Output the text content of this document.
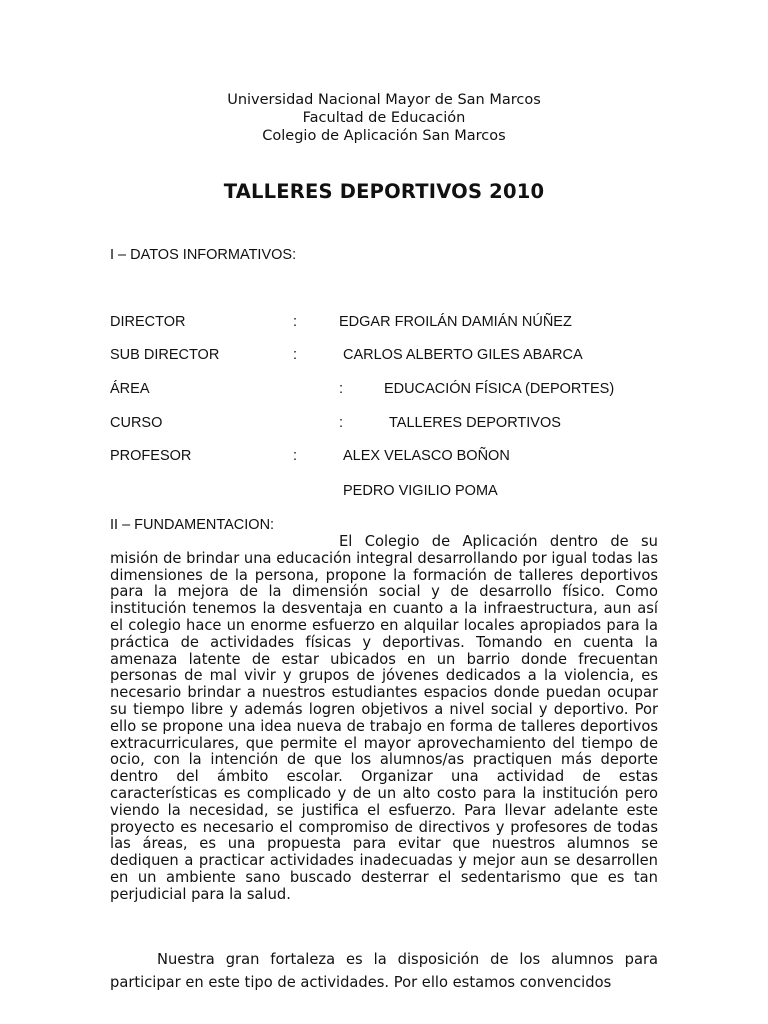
Universidad Nacional Mayor de San Marcos
Facultad de Educación
Colegio de Aplicación San Marcos
TALLERES DEPORTIVOS 2010
I – DATOS INFORMATIVOS:
DIRECTOR	:	EDGAR FROILÁN DAMIÁN NÚÑEZ
SUB DIRECTOR	:	CARLOS ALBERTO GILES ABARCA
ÁREA	:	EDUCACIÓN FÍSICA (DEPORTES)
CURSO	:	TALLERES DEPORTIVOS
PROFESOR	:	ALEX VELASCO BOÑON
PEDRO VIGILIO POMA
II – FUNDAMENTACION:

El Colegio de Aplicación dentro de su misión de brindar una educación integral desarrollando por igual todas las dimensiones de la persona, propone la formación de talleres deportivos para la mejora de la dimensión social y de desarrollo físico. Como institución tenemos la desventaja en cuanto a la infraestructura, aun así el colegio hace un enorme esfuerzo en alquilar locales apropiados para la práctica de actividades físicas y deportivas. Tomando en cuenta la amenaza latente de estar ubicados en un barrio donde frecuentan personas de mal vivir y grupos de jóvenes dedicados a la violencia, es necesario brindar a nuestros estudiantes espacios donde puedan ocupar su tiempo libre y además logren objetivos a nivel social y deportivo. Por ello se propone una idea nueva de trabajo en forma de talleres deportivos extracurriculares, que permite el mayor aprovechamiento del tiempo de ocio, con la intención de que los alumnos/as practiquen más deporte dentro del ámbito escolar. Organizar una actividad de estas características es complicado y de un alto costo para la institución pero viendo la necesidad, se justifica el esfuerzo. Para llevar adelante este proyecto es necesario el compromiso de directivos y profesores de todas las áreas, es una propuesta para evitar que nuestros alumnos se dediquen a practicar actividades inadecuadas y mejor aun se desarrollen en un ambiente sano buscado desterrar el sedentarismo que es tan perjudicial para la salud.

Nuestra gran fortaleza es la disposición de los alumnos para participar en este tipo de actividades. Por ello estamos convencidos
